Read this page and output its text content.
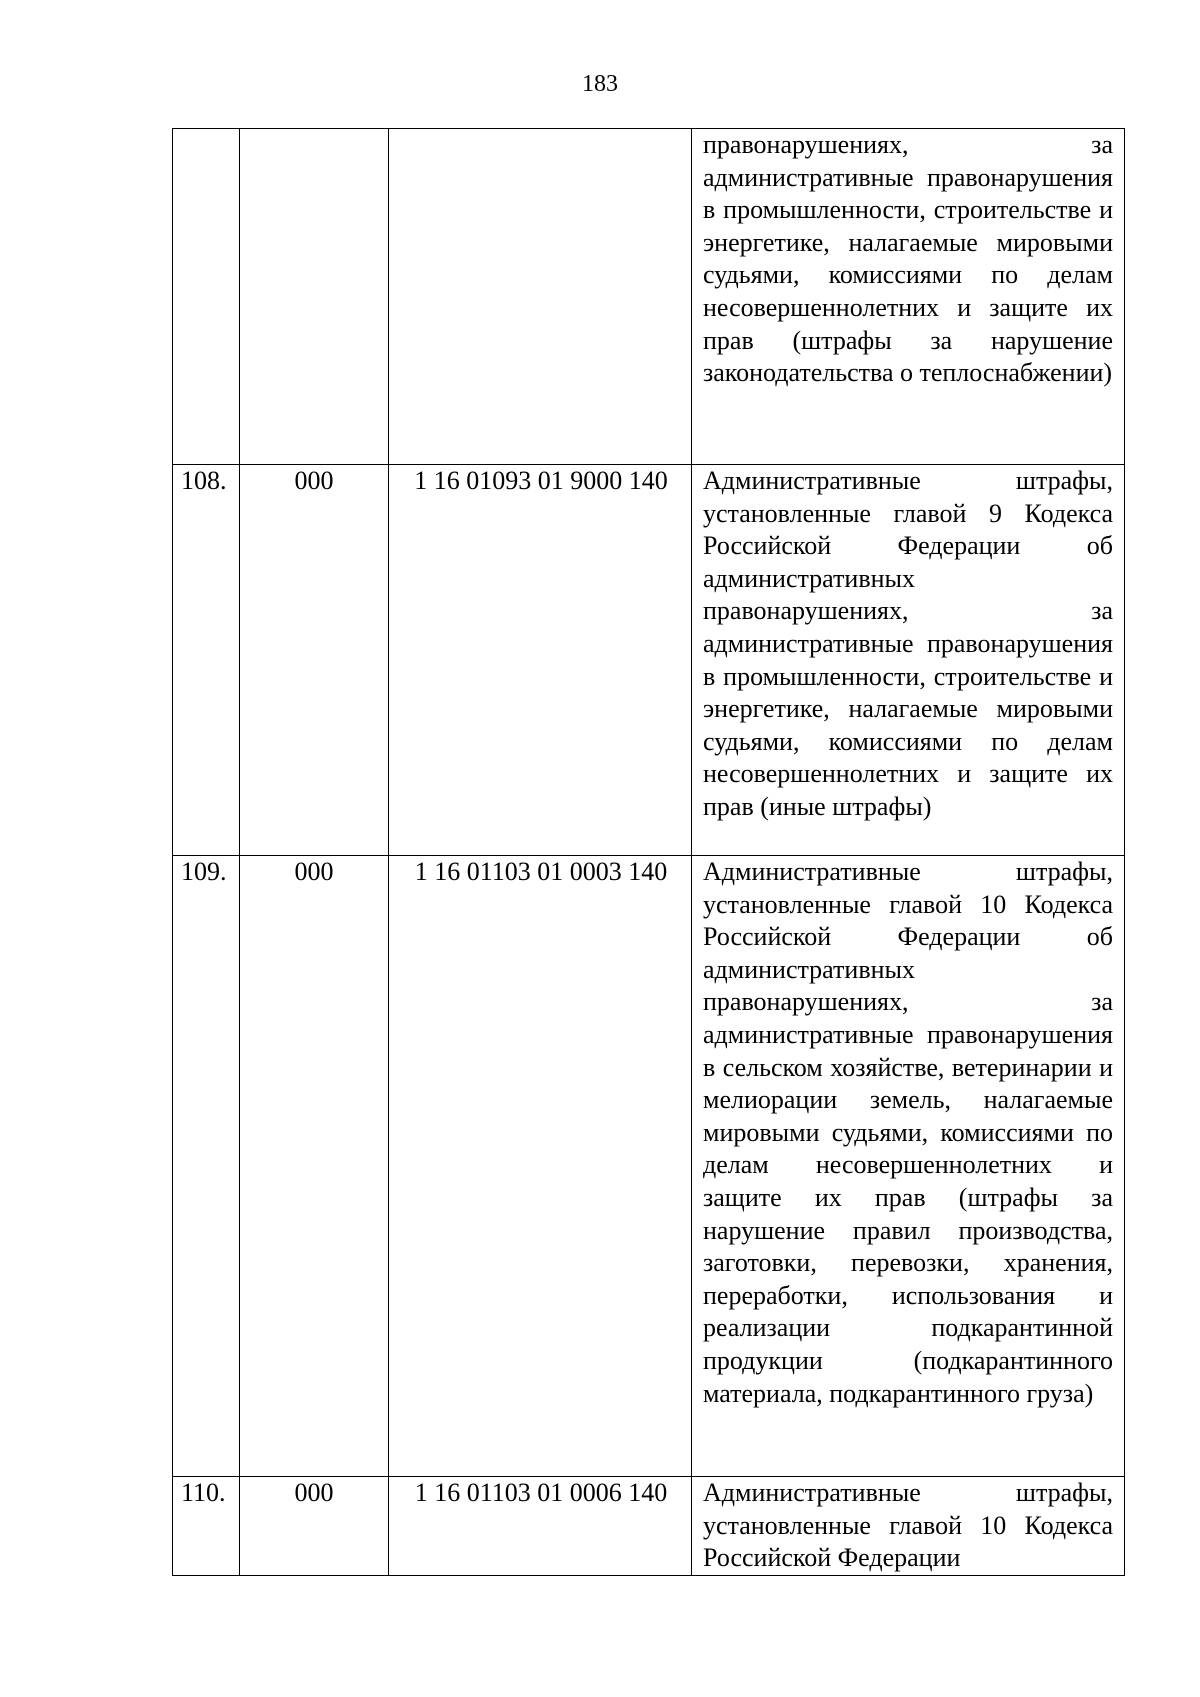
183

			правонарушениях, за административные правонарушения в промышленности, строительстве и энергетике, налагаемые мировыми судьями, комиссиями по делам несовершеннолетних и защите их прав (штрафы за нарушение законодательства о теплоснабжении)

108.	000	1 16 01093 01 9000 140	Административные штрафы, установленные главой 9 Кодекса Российской Федерации об административных правонарушениях, за административные правонарушения в промышленности, строительстве и энергетике, налагаемые мировыми судьями, комиссиями по делам несовершеннолетних и защите их прав (иные штрафы)

109.	000	1 16 01103 01 0003 140	Административные штрафы, установленные главой 10 Кодекса Российской Федерации об административных правонарушениях, за административные правонарушения в сельском хозяйстве, ветеринарии и мелиорации земель, налагаемые мировыми судьями, комиссиями по делам несовершеннолетних и защите их прав (штрафы за нарушение правил производства, заготовки, перевозки, хранения, переработки, использования и реализации подкарантинной продукции (подкарантинного материала, подкарантинного груза)

110.	000	1 16 01103 01 0006 140	Административные штрафы, установленные главой 10 Кодекса Российской Федерации
